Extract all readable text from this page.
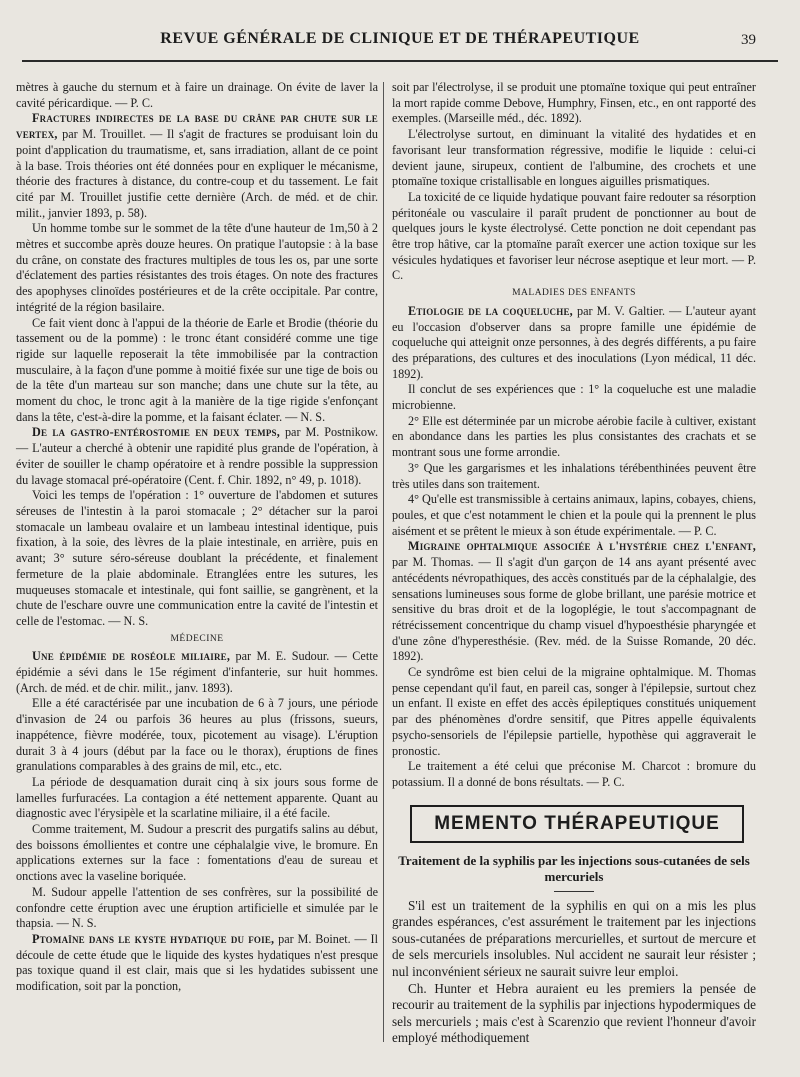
REVUE GÉNÉRALE DE CLINIQUE ET DE THÉRAPEUTIQUE	39

mètres à gauche du sternum et à faire un drainage. On évite de laver la cavité péricardique. — P. C.

Fractures indirectes de la base du crâne par chute sur le vertex, par M. Trouillet. — Il s'agit de fractures se produisant loin du point d'application du traumatisme, et, sans irradiation, allant de ce point à la base. Trois théories ont été données pour en expliquer le mécanisme, théorie des fractures à distance, du contre-coup et du tassement. Le fait cité par M. Trouillet justifie cette dernière (Arch. de méd. et de chir. milit., janvier 1893, p. 58).

Un homme tombe sur le sommet de la tête d'une hauteur de 1m,50 à 2 mètres et succombe après douze heures. On pratique l'autopsie : à la base du crâne, on constate des fractures multiples de tous les os, par une sorte d'éclatement des parties résistantes des trois étages. On note des fractures des apophyses clinoïdes postérieures et de la crête occipitale. Par contre, intégrité de la région basilaire.

Ce fait vient donc à l'appui de la théorie de Earle et Brodie (théorie du tassement ou de la pomme) : le tronc étant considéré comme une tige rigide sur laquelle reposerait la tête immobilisée par la contraction musculaire, à la façon d'une pomme à moitié fixée sur une tige de bois ou de la tête d'un marteau sur son manche; dans une chute sur la tête, au moment du choc, le tronc agit à la manière de la tige rigide s'enfonçant dans la tête, c'est-à-dire la pomme, et la faisant éclater. — N. S.

De la gastro-entérostomie en deux temps, par M. Postnikow. — L'auteur a cherché à obtenir une rapidité plus grande de l'opération, à éviter de souiller le champ opératoire et à rendre possible la suppression du lavage stomacal pré-opératoire (Cent. f. Chir. 1892, n° 49, p. 1018).

Voici les temps de l'opération : 1° ouverture de l'abdomen et sutures séreuses de l'intestin à la paroi stomacale ; 2° détacher sur la paroi stomacale un lambeau ovalaire et un lambeau intestinal identique, puis fixation, à la soie, des lèvres de la plaie intestinale, en arrière, puis en avant; 3° suture séro-séreuse doublant la précédente, et finalement fermeture de la plaie abdominale. Etranglées entre les sutures, les muqueuses stomacale et intestinale, qui font saillie, se gangrènent, et la chute de l'eschare ouvre une communication entre la cavité de l'intestin et celle de l'estomac. — N. S.

MÉDECINE

Une épidémie de roséole miliaire, par M. E. Sudour. — Cette épidémie a sévi dans le 15e régiment d'infanterie, sur huit hommes. (Arch. de méd. et de chir. milit., janv. 1893).

Elle a été caractérisée par une incubation de 6 à 7 jours, une période d'invasion de 24 ou parfois 36 heures au plus (frissons, sueurs, inappétence, fièvre modérée, toux, picotement au visage). L'éruption durait 3 à 4 jours (début par la face ou le thorax), éruptions de fines granulations comparables à des grains de mil, etc., etc.

La période de desquamation durait cinq à six jours sous forme de lamelles furfuracées. La contagion a été nettement apparente. Quant au diagnostic avec l'érysipèle et la scarlatine miliaire, il a été facile.

Comme traitement, M. Sudour a prescrit des purgatifs salins au début, des boissons émollientes et contre une céphalalgie vive, le bromure. En applications externes sur la face : fomentations d'eau de sureau et onctions avec la vaseline boriquée.

M. Sudour appelle l'attention de ses confrères, sur la possibilité de confondre cette éruption avec une éruption artificielle et simulée par le thapsia. — N. S.

Ptomaïne dans le kyste hydatique du foie, par M. Boinet. — Il découle de cette étude que le liquide des kystes hydatiques n'est presque pas toxique quand il est clair, mais que si les hydatides subissent une modification, soit par la ponction,

soit par l'électrolyse, il se produit une ptomaïne toxique qui peut entraîner la mort rapide comme Debove, Humphry, Finsen, etc., en ont rapporté des exemples. (Marseille méd., déc. 1892).

L'électrolyse surtout, en diminuant la vitalité des hydatides et en favorisant leur transformation régressive, modifie le liquide : celui-ci devient jaune, sirupeux, contient de l'albumine, des crochets et une ptomaïne toxique cristallisable en longues aiguilles prismatiques.

La toxicité de ce liquide hydatique pouvant faire redouter sa résorption péritonéale ou vasculaire il paraît prudent de ponctionner au bout de quelques jours le kyste électrolysé. Cette ponction ne doit cependant pas être trop hâtive, car la ptomaïne paraît exercer une action toxique sur les vésicules hydatiques et favoriser leur nécrose aseptique et leur mort. — P. C.

MALADIES DES ENFANTS

Etiologie de la coqueluche, par M. V. Galtier. — L'auteur ayant eu l'occasion d'observer dans sa propre famille une épidémie de coqueluche qui atteignit onze personnes, à des degrés différents, a pu faire des préparations, des cultures et des inoculations (Lyon médical, 11 déc. 1892).

Il conclut de ses expériences que : 1° la coqueluche est une maladie microbienne.

2° Elle est déterminée par un microbe aérobie facile à cultiver, existant en abondance dans les parties les plus consistantes des crachats et se montrant sous une forme arrondie.

3° Que les gargarismes et les inhalations térébenthinées peuvent être très utiles dans son traitement.

4° Qu'elle est transmissible à certains animaux, lapins, cobayes, chiens, poules, et que c'est notamment le chien et la poule qui la prennent le plus aisément et se prêtent le mieux à son étude expérimentale. — P. C.

Migraine ophtalmique associée à l'hystérie chez l'enfant, par M. Thomas. — Il s'agit d'un garçon de 14 ans ayant présenté avec antécédents névropathiques, des accès constitués par de la céphalalgie, des sensations lumineuses sous forme de globe brillant, une parésie motrice et sensitive du bras droit et de la logoplégie, le tout s'accompagnant de rétrécissement concentrique du champ visuel d'hypoesthésie pharyngée et d'une zône d'hyperesthésie. (Rev. méd. de la Suisse Romande, 20 déc. 1892).

Ce syndrôme est bien celui de la migraine ophtalmique. M. Thomas pense cependant qu'il faut, en pareil cas, songer à l'épilepsie, surtout chez un enfant. Il existe en effet des accès épileptiques constitués uniquement par des phénomènes d'ordre sensitif, que Pitres appelle équivalents psycho-sensoriels de l'épilepsie partielle, hypothèse qui aggraverait le pronostic.

Le traitement a été celui que préconise M. Charcot : bromure du potassium. Il a donné de bons résultats. — P. C.

MEMENTO THÉRAPEUTIQUE
Traitement de la syphilis par les injections sous-cutanées de sels mercuriels

S'il est un traitement de la syphilis en qui on a mis les plus grandes espérances, c'est assurément le traitement par les injections sous-cutanées de préparations mercurielles, et surtout de mercure et de sels mercuriels insolubles. Nul accident ne saurait leur résister ; nul inconvénient sérieux ne saurait suivre leur emploi.

Ch. Hunter et Hebra auraient eu les premiers la pensée de recourir au traitement de la syphilis par injections hypodermiques de sels mercuriels ; mais c'est à Scarenzio que revient l'honneur d'avoir employé méthodiquement
